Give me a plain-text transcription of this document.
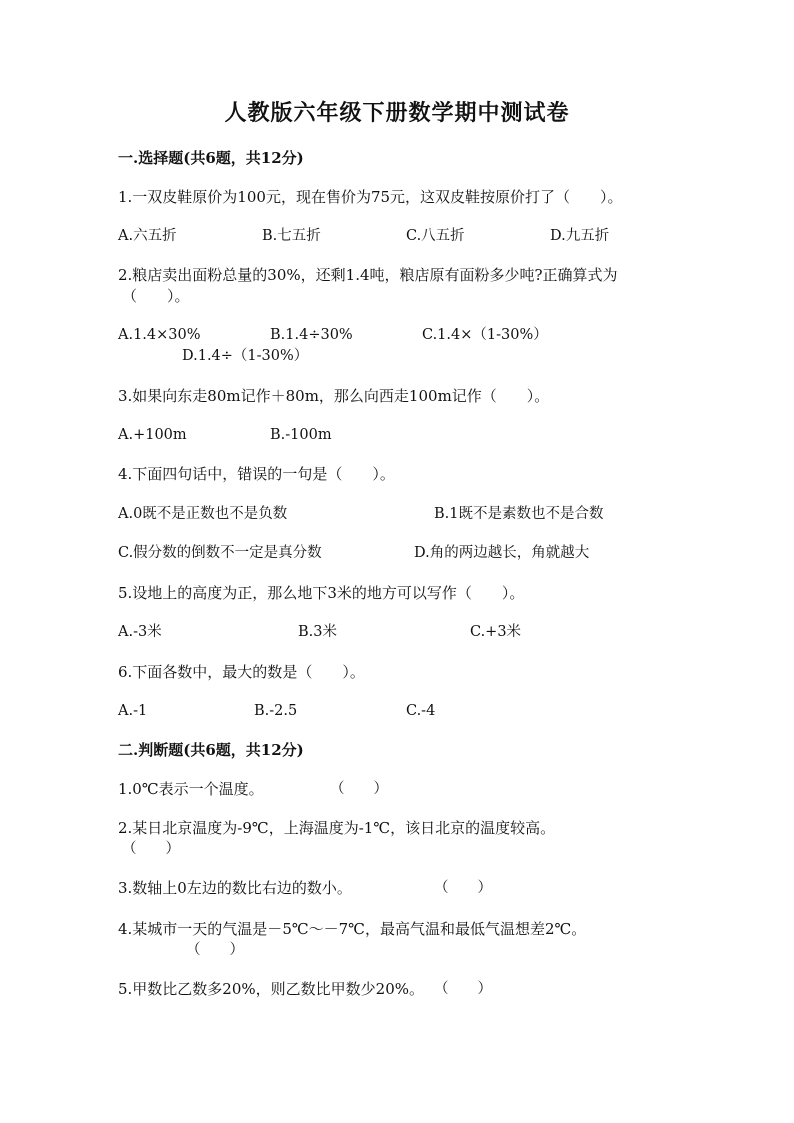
人教版六年级下册数学期中测试卷
一.选择题(共6题，共12分)
1.一双皮鞋原价为100元，现在售价为75元，这双皮鞋按原价打了（　　）。
A.六五折	B.七五折	C.八五折	D.九五折
2.粮店卖出面粉总量的30%，还剩1.4吨，粮店原有面粉多少吨?正确算式为
（　　）。
A.1.4×30%	B.1.4÷30%	C.1.4×（1-30%）
D.1.4÷（1-30%）
3.如果向东走80m记作＋80m，那么向西走100m记作（　　）。
A.+100m	B.-100m
4.下面四句话中，错误的一句是（　　）。
A.0既不是正数也不是负数	B.1既不是素数也不是合数
C.假分数的倒数不一定是真分数	D.角的两边越长，角就越大
5.设地上的高度为正，那么地下3米的地方可以写作（　　）。
A.-3米	B.3米	C.+3米
6.下面各数中，最大的数是（　　）。
A.-1	B.-2.5	C.-4
二.判断题(共6题，共12分)
1.0℃表示一个温度。	（　　）
2.某日北京温度为-9℃，上海温度为-1℃，该日北京的温度较高。
（　　）
3.数轴上0左边的数比右边的数小。	（　　）
4.某城市一天的气温是－5℃～－7℃，最高气温和最低气温想差2℃。
（　　）
5.甲数比乙数多20%，则乙数比甲数少20%。 （　　）
